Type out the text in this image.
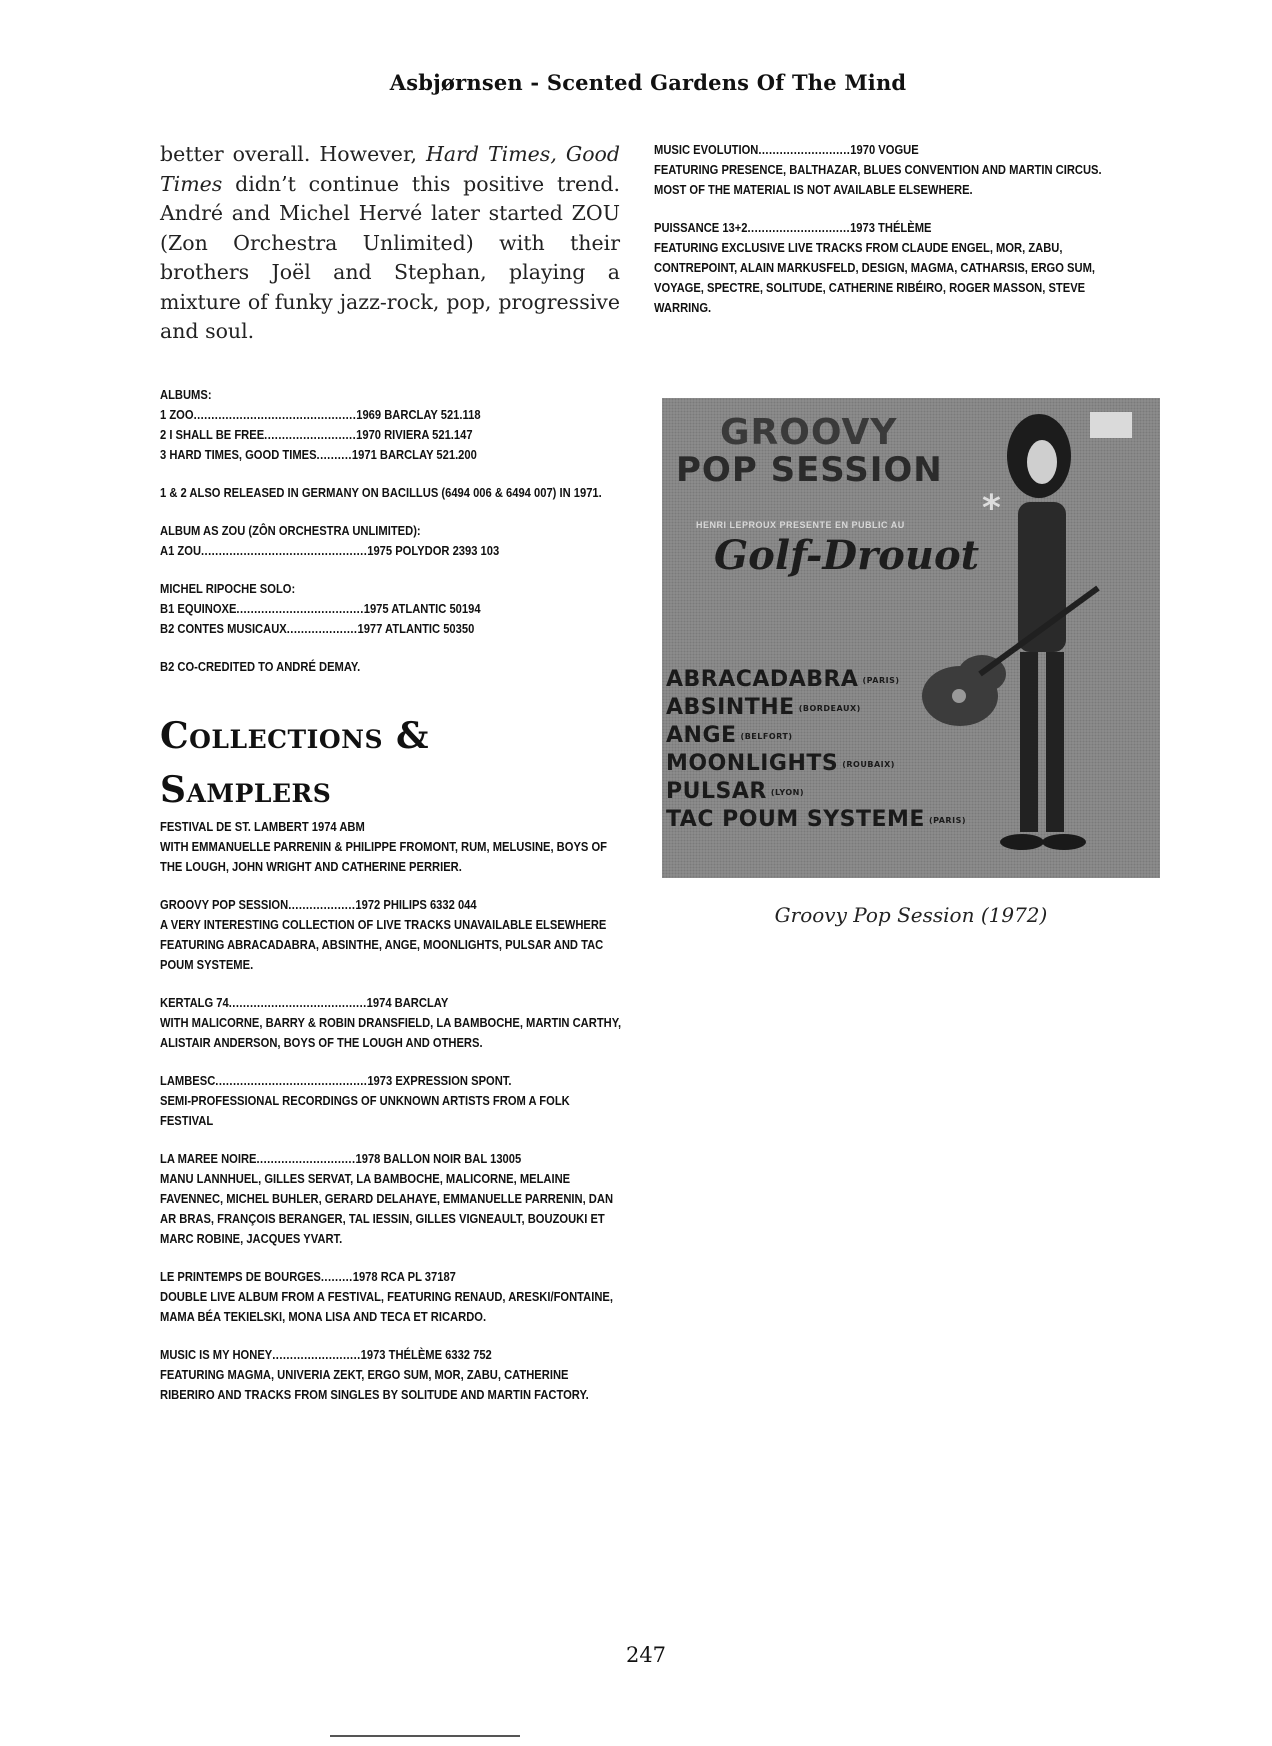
Asbjørnsen - Scented Gardens Of The Mind

better overall. However, Hard Times, Good Times didn’t continue this positive trend. André and Michel Hervé later started ZOU (Zon Orchestra Unlimited) with their brothers Joël and Stephan, playing a mixture of funky jazz-rock, pop, progressive and soul.

ALBUMS:
1 ZOO..............................................1969 BARCLAY 521.118
2 I SHALL BE FREE..........................1970 RIVIERA 521.147
3 HARD TIMES, GOOD TIMES..........1971 BARCLAY 521.200
1 & 2 ALSO RELEASED IN GERMANY ON BACILLUS (6494 006 & 6494 007) IN 1971.
ALBUM AS ZOU (ZÔN ORCHESTRA UNLIMITED):
A1 ZOU...............................................1975 POLYDOR 2393 103
MICHEL RIPOCHE SOLO:
B1 EQUINOXE....................................1975 ATLANTIC 50194
B2 CONTES MUSICAUX....................1977 ATLANTIC 50350
B2 CO-CREDITED TO ANDRÉ DEMAY.
Collections &
Samplers
FESTIVAL DE ST. LAMBERT 1974 ABM
WITH EMMANUELLE PARRENIN & PHILIPPE FROMONT, RUM, MELUSINE, BOYS OF THE LOUGH, JOHN WRIGHT AND CATHERINE PERRIER.
GROOVY POP SESSION...................1972 PHILIPS 6332 044
A VERY INTERESTING COLLECTION OF LIVE TRACKS UNAVAILABLE ELSEWHERE FEATURING ABRACADABRA, ABSINTHE, ANGE, MOONLIGHTS, PULSAR AND TAC POUM SYSTEME.
KERTALG 74.......................................1974 BARCLAY
WITH MALICORNE, BARRY & ROBIN DRANSFIELD, LA BAMBOCHE, MARTIN CARTHY, ALISTAIR ANDERSON, BOYS OF THE LOUGH AND OTHERS.
LAMBESC...........................................1973 EXPRESSION SPONT.
SEMI-PROFESSIONAL RECORDINGS OF UNKNOWN ARTISTS FROM A FOLK FESTIVAL
LA MAREE NOIRE............................1978 BALLON NOIR BAL 13005
MANU LANNHUEL, GILLES SERVAT, LA BAMBOCHE, MALICORNE, MELAINE FAVENNEC, MICHEL BUHLER, GERARD DELAHAYE, EMMANUELLE PARRENIN, DAN AR BRAS, FRANÇOIS BERANGER, TAL IESSIN, GILLES VIGNEAULT, BOUZOUKI ET MARC ROBINE, JACQUES YVART.
LE PRINTEMPS DE BOURGES.........1978 RCA PL 37187
DOUBLE LIVE ALBUM FROM A FESTIVAL, FEATURING RENAUD, ARESKI/FONTAINE, MAMA BÉA TEKIELSKI, MONA LISA AND TECA ET RICARDO.
MUSIC IS MY HONEY.........................1973 THÉLÈME 6332 752
FEATURING MAGMA, UNIVERIA ZEKT, ERGO SUM, MOR, ZABU, CATHERINE RIBERIRO AND TRACKS FROM SINGLES BY SOLITUDE AND MARTIN FACTORY.
MUSIC EVOLUTION..........................1970 VOGUE
FEATURING PRESENCE, BALTHAZAR, BLUES CONVENTION AND MARTIN CIRCUS. MOST OF THE MATERIAL IS NOT AVAILABLE ELSEWHERE.
PUISSANCE 13+2.............................1973 THÉLÈME
FEATURING EXCLUSIVE LIVE TRACKS FROM CLAUDE ENGEL, MOR, ZABU, CONTREPOINT, ALAIN MARKUSFELD, DESIGN, MAGMA, CATHARSIS, ERGO SUM, VOYAGE, SPECTRE, SOLITUDE, CATHERINE RIBÉIRO, ROGER MASSON, STEVE WARRING.
*
GROOVY
POP SESSION
HENRI LEPROUX PRESENTE EN PUBLIC AU
Golf-Drouot
ABRACADABRA (PARIS)
ABSINTHE (BORDEAUX)
ANGE (BELFORT)
MOONLIGHTS (ROUBAIX)
PULSAR (LYON)
TAC POUM SYSTEME (PARIS)
Groovy Pop Session (1972)
247
